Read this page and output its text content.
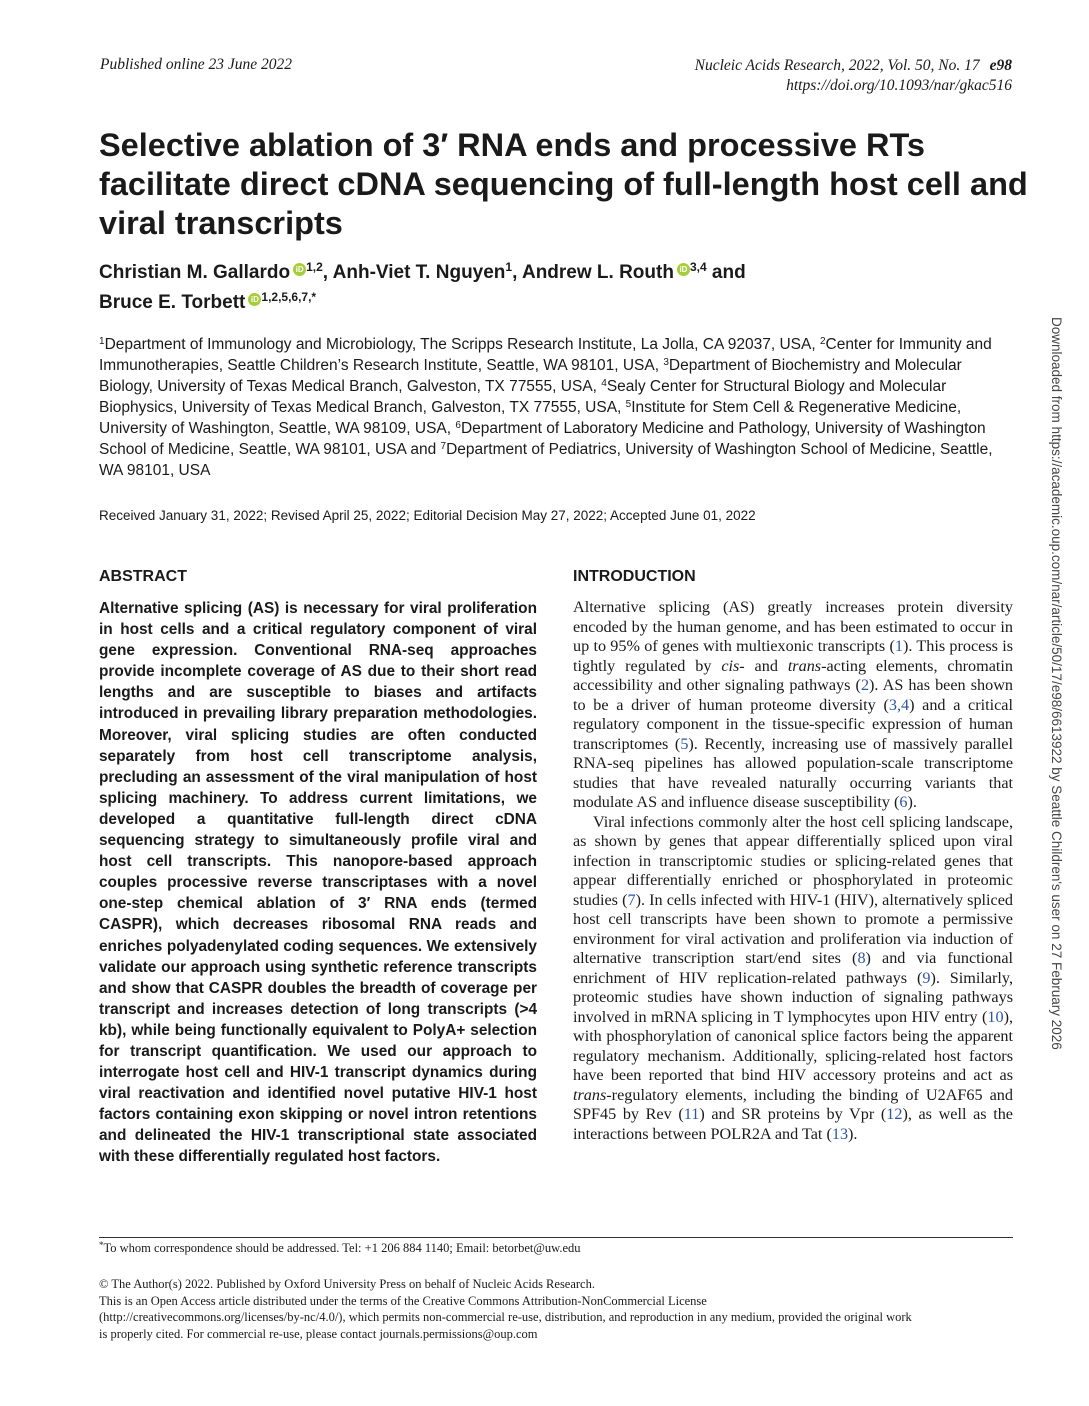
Published online 23 June 2022	Nucleic Acids Research, 2022, Vol. 50, No. 17 e98
https://doi.org/10.1093/nar/gkac516
Selective ablation of 3′ RNA ends and processive RTs facilitate direct cDNA sequencing of full-length host cell and viral transcripts
Christian M. Gallardo iD $^{1,2}$, Anh-Viet T. Nguyen$^1$, Andrew L. Routh iD $^{3,4}$ and
Bruce E. Torbett iD $^{1,2,5,6,7,*}$
$^1$Department of Immunology and Microbiology, The Scripps Research Institute, La Jolla, CA 92037, USA, $^2$Center for Immunity and Immunotherapies, Seattle Children’s Research Institute, Seattle, WA 98101, USA, $^3$Department of Biochemistry and Molecular Biology, University of Texas Medical Branch, Galveston, TX 77555, USA, $^4$Sealy Center for Structural Biology and Molecular Biophysics, University of Texas Medical Branch, Galveston, TX 77555, USA, $^5$Institute for Stem Cell & Regenerative Medicine, University of Washington, Seattle, WA 98109, USA, $^6$Department of Laboratory Medicine and Pathology, University of Washington School of Medicine, Seattle, WA 98101, USA and $^7$Department of Pediatrics, University of Washington School of Medicine, Seattle, WA 98101, USA
Received January 31, 2022; Revised April 25, 2022; Editorial Decision May 27, 2022; Accepted June 01, 2022
ABSTRACT

Alternative splicing (AS) is necessary for viral proliferation in host cells and a critical regulatory component of viral gene expression. Conventional RNA-seq approaches provide incomplete coverage of AS due to their short read lengths and are susceptible to biases and artifacts introduced in prevailing library preparation methodologies. Moreover, viral splicing studies are often conducted separately from host cell transcriptome analysis, precluding an assessment of the viral manipulation of host splicing machinery. To address current limitations, we developed a quantitative full-length direct cDNA sequencing strategy to simultaneously profile viral and host cell transcripts. This nanopore-based approach couples processive reverse transcriptases with a novel one-step chemical ablation of 3′ RNA ends (termed CASPR), which decreases ribosomal RNA reads and enriches polyadenylated coding sequences. We extensively validate our approach using synthetic reference transcripts and show that CASPR doubles the breadth of coverage per transcript and increases detection of long transcripts (>4 kb), while being functionally equivalent to PolyA+ selection for transcript quantification. We used our approach to interrogate host cell and HIV-1 transcript dynamics during viral reactivation and identified novel putative HIV-1 host factors containing exon skipping or novel intron retentions and delineated the HIV-1 transcriptional state associated with these differentially regulated host factors.

INTRODUCTION

Alternative splicing (AS) greatly increases protein diversity encoded by the human genome, and has been estimated to occur in up to 95% of genes with multiexonic transcripts (1). This process is tightly regulated by cis- and trans-acting elements, chromatin accessibility and other signaling pathways (2). AS has been shown to be a driver of human proteome diversity (3,4) and a critical regulatory component in the tissue-specific expression of human transcriptomes (5). Recently, increasing use of massively parallel RNA-seq pipelines has allowed population-scale transcriptome studies that have revealed naturally occurring variants that modulate AS and influence disease susceptibility (6).

Viral infections commonly alter the host cell splicing landscape, as shown by genes that appear differentially spliced upon viral infection in transcriptomic studies or splicing-related genes that appear differentially enriched or phosphorylated in proteomic studies (7). In cells infected with HIV-1 (HIV), alternatively spliced host cell transcripts have been shown to promote a permissive environment for viral activation and proliferation via induction of alternative transcription start/end sites (8) and via functional enrichment of HIV replication-related pathways (9). Similarly, proteomic studies have shown induction of signaling pathways involved in mRNA splicing in T lymphocytes upon HIV entry (10), with phosphorylation of canonical splice factors being the apparent regulatory mechanism. Additionally, splicing-related host factors have been reported that bind HIV accessory proteins and act as trans-regulatory elements, including the binding of U2AF65 and SPF45 by Rev (11) and SR proteins by Vpr (12), as well as the interactions between POLR2A and Tat (13).

*To whom correspondence should be addressed. Tel: +1 206 884 1140; Email: betorbet@uw.edu
© The Author(s) 2022. Published by Oxford University Press on behalf of Nucleic Acids Research.
This is an Open Access article distributed under the terms of the Creative Commons Attribution-NonCommercial License
(http://creativecommons.org/licenses/by-nc/4.0/), which permits non-commercial re-use, distribution, and reproduction in any medium, provided the original work
is properly cited. For commercial re-use, please contact journals.permissions@oup.com
Downloaded from https://academic.oup.com/nar/article/50/17/e98/6613922 by Seattle Children's user on 27 February 2026
